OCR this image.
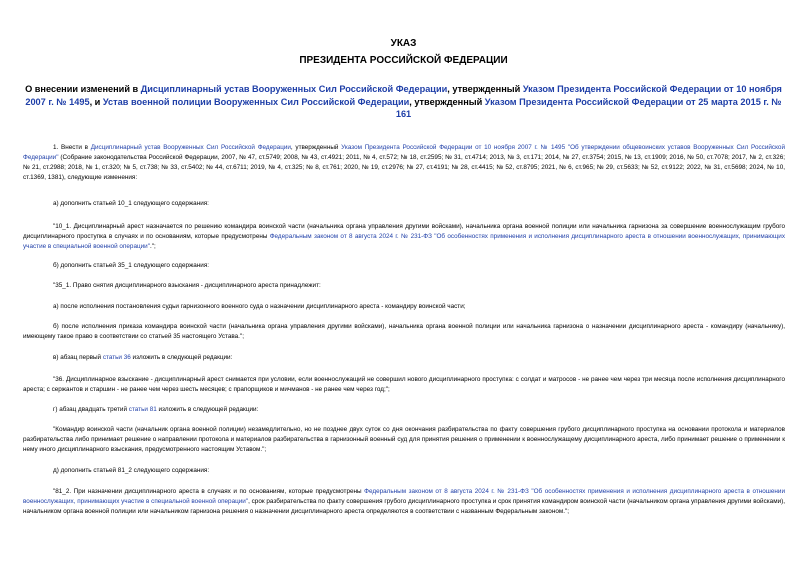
УКАЗ
ПРЕЗИДЕНТА РОССИЙСКОЙ ФЕДЕРАЦИИ
О внесении изменений в Дисциплинарный устав Вооруженных Сил Российской Федерации, утвержденный Указом Президента Российской Федерации от 10 ноября 2007 г. № 1495, и Устав военной полиции Вооруженных Сил Российской Федерации, утвержденный Указом Президента Российской Федерации от 25 марта 2015 г. № 161
1. Внести в Дисциплинарный устав Вооруженных Сил Российской Федерации, утвержденный Указом Президента Российской Федерации от 10 ноября 2007 г. № 1495 "Об утверждении общевоинских уставов Вооруженных Сил Российской Федерации" (Собрание законодательства Российской Федерации, 2007, № 47, ст.5749; 2008, № 43, ст.4921; 2011, № 4, ст.572; № 18, ст.2595; № 31, ст.4714; 2013, № 3, ст.171; 2014, № 27, ст.3754; 2015, № 13, ст.1909; 2016, № 50, ст.7078; 2017, № 2, ст.326; № 21, ст.2988; 2018, № 1, ст.320; № 5, ст.738; № 33, ст.5402; № 44, ст.6711; 2019, № 4, ст.325; № 8, ст.761; 2020, № 19, ст.2976; № 27, ст.4191; № 28, ст.4415; № 52, ст.8795; 2021, № 6, ст.965; № 29, ст.5633; № 52, ст.9122; 2022, № 31, ст.5698; 2024, № 10, ст.1369, 1381), следующие изменения:
а) дополнить статьей 10_1 следующего содержания:
"10_1. Дисциплинарный арест назначается по решению командира воинской части (начальника органа управления другими войсками), начальника органа военной полиции или начальника гарнизона за совершение военнослужащим грубого дисциплинарного проступка в случаях и по основаниям, которые предусмотрены Федеральным законом от 8 августа 2024 г. № 231-ФЗ "Об особенностях применения и исполнения дисциплинарного ареста в отношении военнослужащих, принимающих участие в специальной военной операции".";
б) дополнить статьей 35_1 следующего содержания:
"35_1. Право снятия дисциплинарного взыскания - дисциплинарного ареста принадлежит:
а) после исполнения постановления судьи гарнизонного военного суда о назначении дисциплинарного ареста - командиру воинской части;
б) после исполнения приказа командира воинской части (начальника органа управления другими войсками), начальника органа военной полиции или начальника гарнизона о назначении дисциплинарного ареста - командиру (начальнику), имеющему такое право в соответствии со статьей 35 настоящего Устава.";
в) абзац первый статьи 36 изложить в следующей редакции:
"36. Дисциплинарное взыскание - дисциплинарный арест снимается при условии, если военнослужащий не совершил нового дисциплинарного проступка: с солдат и матросов - не ранее чем через три месяца после исполнения дисциплинарного ареста; с сержантов и старшин - не ранее чем через шесть месяцев; с прапорщиков и мичманов - не ранее чем через год;";
г) абзац двадцать третий статьи 81 изложить в следующей редакции:
"Командир воинской части (начальник органа военной полиции) незамедлительно, но не позднее двух суток со дня окончания разбирательства по факту совершения грубого дисциплинарного проступка на основании протокола и материалов разбирательства либо принимает решение о направлении протокола и материалов разбирательства в гарнизонный военный суд для принятия решения о применении к военнослужащему дисциплинарного ареста, либо принимает решение о применении к нему иного дисциплинарного взыскания, предусмотренного настоящим Уставом.";
д) дополнить статьей 81_2 следующего содержания:
"81_2. При назначении дисциплинарного ареста в случаях и по основаниям, которые предусмотрены Федеральным законом от 8 августа 2024 г. № 231-ФЗ "Об особенностях применения и исполнения дисциплинарного ареста в отношении военнослужащих, принимающих участие в специальной военной операции", срок разбирательства по факту совершения грубого дисциплинарного проступка и срок принятия командиром воинской части (начальником органа управления другими войсками), начальником органа военной полиции или начальником гарнизона решения о назначении дисциплинарного ареста определяются в соответствии с названным Федеральным законом.";
